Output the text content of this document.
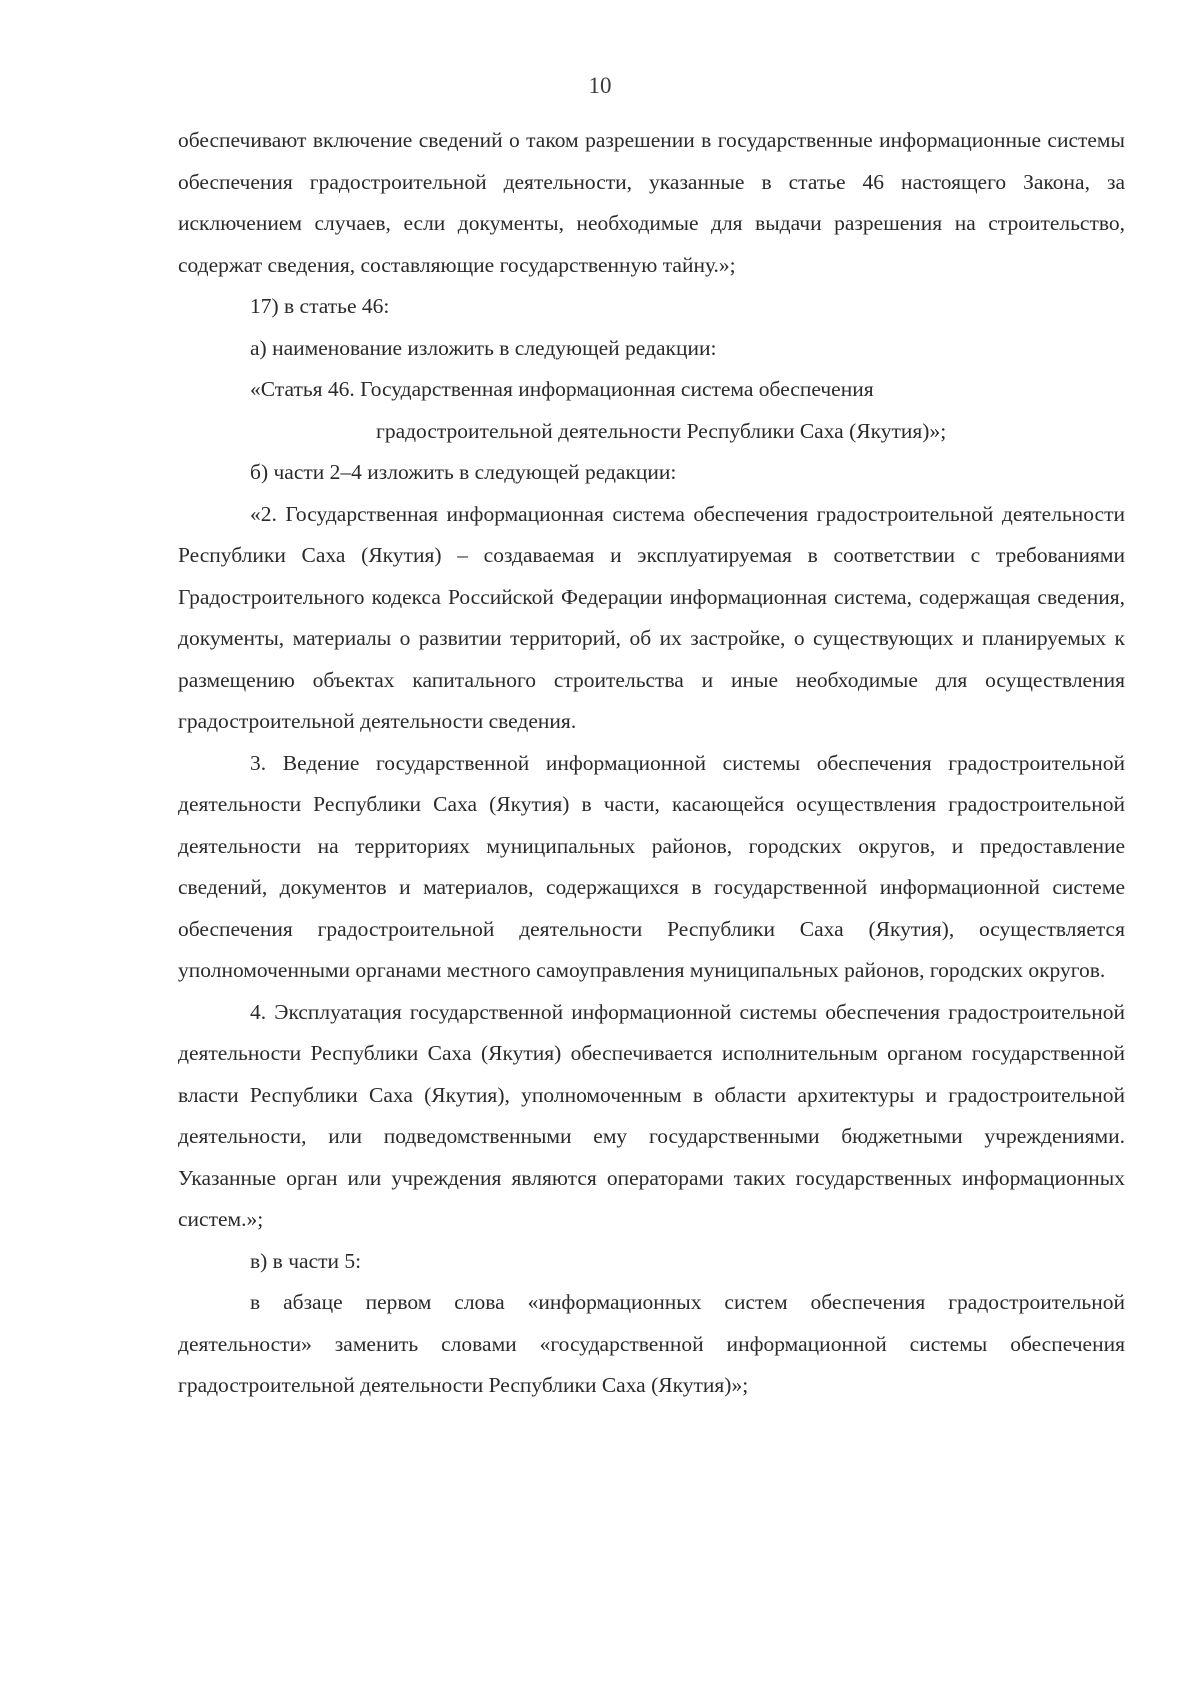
10

обеспечивают включение сведений о таком разрешении в государственные информационные системы обеспечения градостроительной деятельности, указанные в статье 46 настоящего Закона, за исключением случаев, если документы, необходимые для выдачи разрешения на строительство, содержат сведения, составляющие государственную тайну.»;

17) в статье 46:

а) наименование изложить в следующей редакции:

«Статья 46. Государственная информационная система обеспечения

градостроительной деятельности Республики Саха (Якутия)»;

б) части 2–4 изложить в следующей редакции:

«2. Государственная информационная система обеспечения градостроительной деятельности Республики Саха (Якутия) – создаваемая и эксплуатируемая в соответствии с требованиями Градостроительного кодекса Российской Федерации информационная система, содержащая сведения, документы, материалы о развитии территорий, об их застройке, о существующих и планируемых к размещению объектах капитального строительства и иные необходимые для осуществления градостроительной деятельности сведения.

3. Ведение государственной информационной системы обеспечения градостроительной деятельности Республики Саха (Якутия) в части, касающейся осуществления градостроительной деятельности на территориях муниципальных районов, городских округов, и предоставление сведений, документов и материалов, содержащихся в государственной информационной системе обеспечения градостроительной деятельности Республики Саха (Якутия), осуществляется уполномоченными органами местного самоуправления муниципальных районов, городских округов.

4. Эксплуатация государственной информационной системы обеспечения градостроительной деятельности Республики Саха (Якутия) обеспечивается исполнительным органом государственной власти Республики Саха (Якутия), уполномоченным в области архитектуры и градостроительной деятельности, или подведомственными ему государственными бюджетными учреждениями. Указанные орган или учреждения являются операторами таких государственных информационных систем.»;

в) в части 5:

в абзаце первом слова «информационных систем обеспечения градостроительной деятельности» заменить словами «государственной информационной системы обеспечения градостроительной деятельности Республики Саха (Якутия)»;
